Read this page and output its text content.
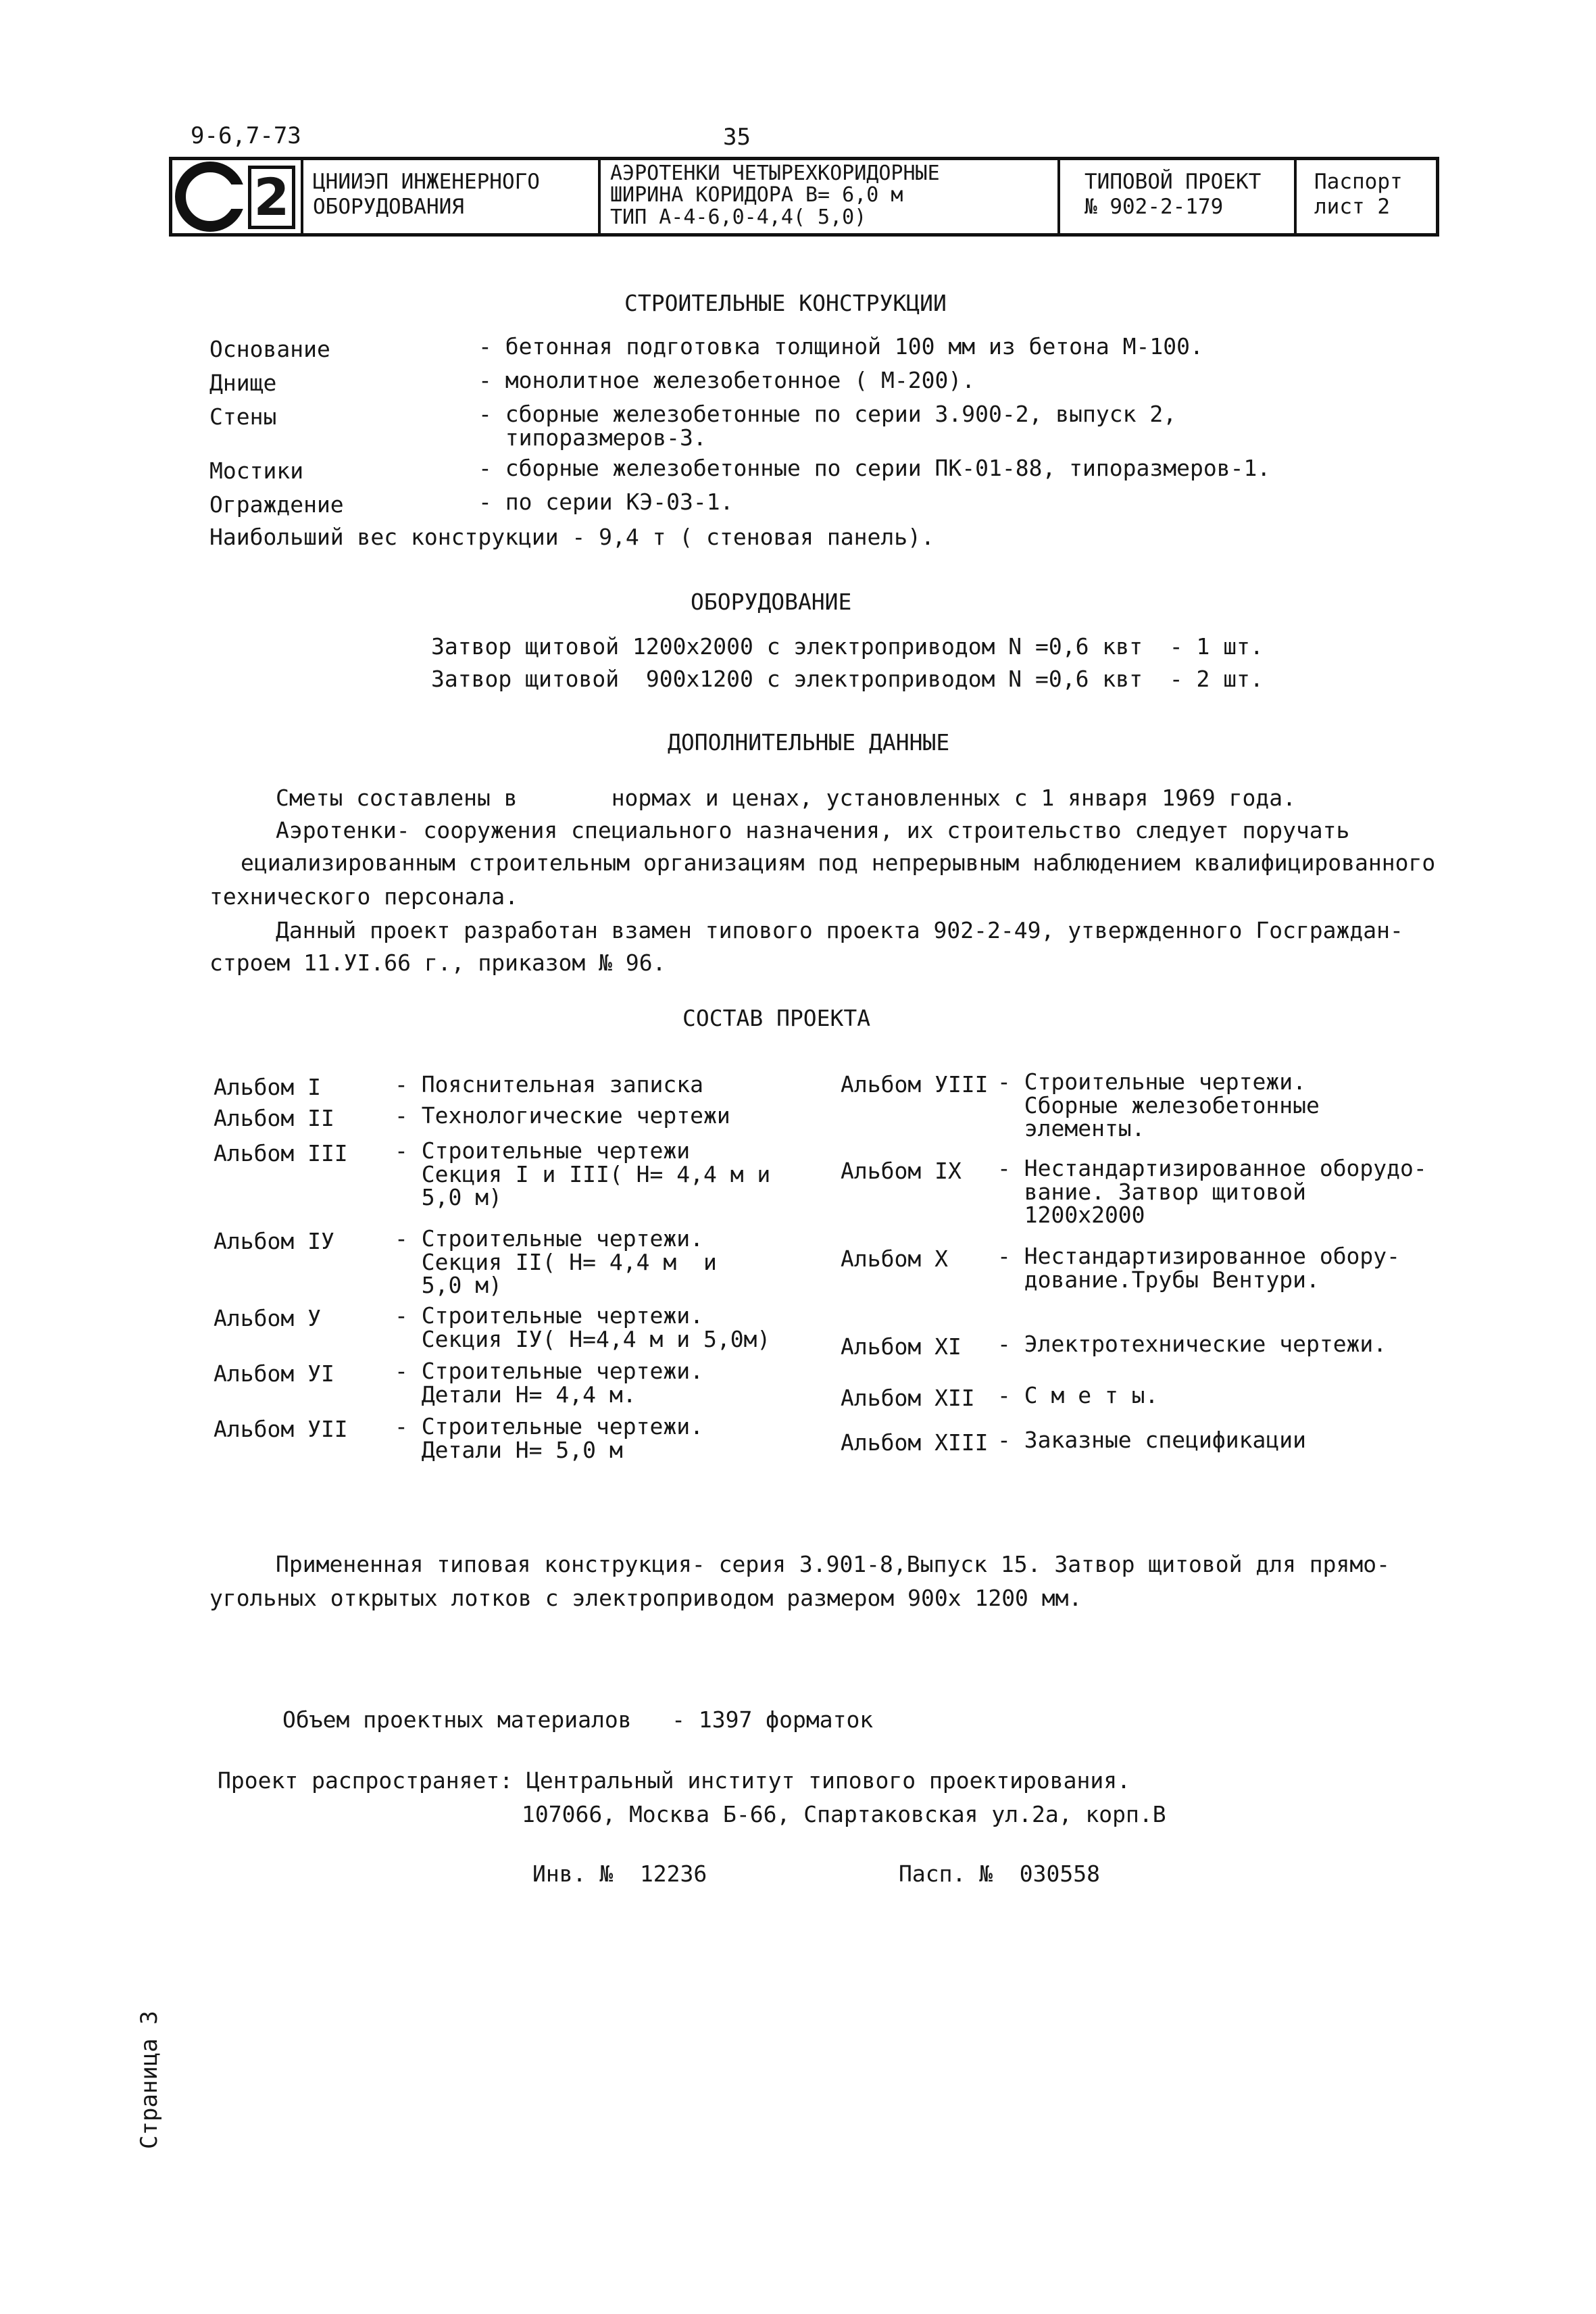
9-6,7-73	35
2	ЦНИИЭП ИНЖЕНЕРНОГО
ОБОРУДОВАНИЯ
АЭРОТЕНКИ ЧЕТЫРЕХКОРИДОРНЫЕ
ШИРИНА КОРИДОРА В= 6,0 м
ТИП А-4-6,0-4,4( 5,0)
ТИПОВОЙ ПРОЕКТ
№ 902-2-179
Паспорт
лист 2
СТРОИТЕЛЬНЫЕ КОНСТРУКЦИИ
Основание	- бетонная подготовка толщиной 100 мм из бетона М-100.
Днище	- монолитное железобетонное ( М-200).
Стены	- сборные железобетонные по серии 3.900-2, выпуск 2,
типоразмеров-3.
Мостики	- сборные железобетонные по серии ПК-01-88, типоразмеров-1.
Ограждение	- по серии КЭ-03-1.
Наибольший вес конструкции - 9,4 т ( стеновая панель).
ОБОРУДОВАНИЕ
Затвор щитовой 1200х2000 с электроприводом N =0,6 квт  - 1 шт.
Затвор щитовой  900х1200 с электроприводом N =0,6 квт  - 2 шт.
ДОПОЛНИТЕЛЬНЫЕ ДАННЫЕ
Сметы составлены в       нормах и ценах, установленных с 1 января 1969 года.
Аэротенки- сооружения специального назначения, их строительство следует поручать
ециализированным строительным организациям под непрерывным наблюдением квалифицированного
технического персонала.
Данный проект разработан взамен типового проекта 902-2-49, утвержденного Госграждан-
строем 11.УI.66 г., приказом № 96.
СОСТАВ ПРОЕКТА
Альбом I	- Пояснительная записка
Альбом II	- Технологические чертежи
Альбом III - Строительные чертежи
Секция I и III( Н= 4,4 м и
5,0 м)
Альбом IУ	- Строительные чертежи.
Секция II( Н= 4,4 м  и
5,0 м)
Альбом У	- Строительные чертежи.
Секция IУ( Н=4,4 м и 5,0м)
Альбом УI	- Строительные чертежи.
Детали Н= 4,4 м.
Альбом УII - Строительные чертежи.
Детали Н= 5,0 м
Альбом УIII - Строительные чертежи.
Сборные железобетонные
элементы.
Альбом IX - Нестандартизированное оборудо-
вание. Затвор щитовой
1200х2000
Альбом X - Нестандартизированное обору-
дование.Трубы Вентури.
Альбом XI - Электротехнические чертежи.
Альбом XII - С м е т ы.
Альбом XIII - Заказные спецификации
Примененная типовая конструкция- серия 3.901-8,Выпуск 15. Затвор щитовой для прямо-
угольных открытых лотков с электроприводом размером 900х 1200 мм.
Объем проектных материалов   - 1397 форматок
Проект распространяет: Центральный институт типового проектирования.
107066, Москва Б-66, Спартаковская ул.2а, корп.В
Инв. №  12236	Пасп. №  030558
Страница 3
